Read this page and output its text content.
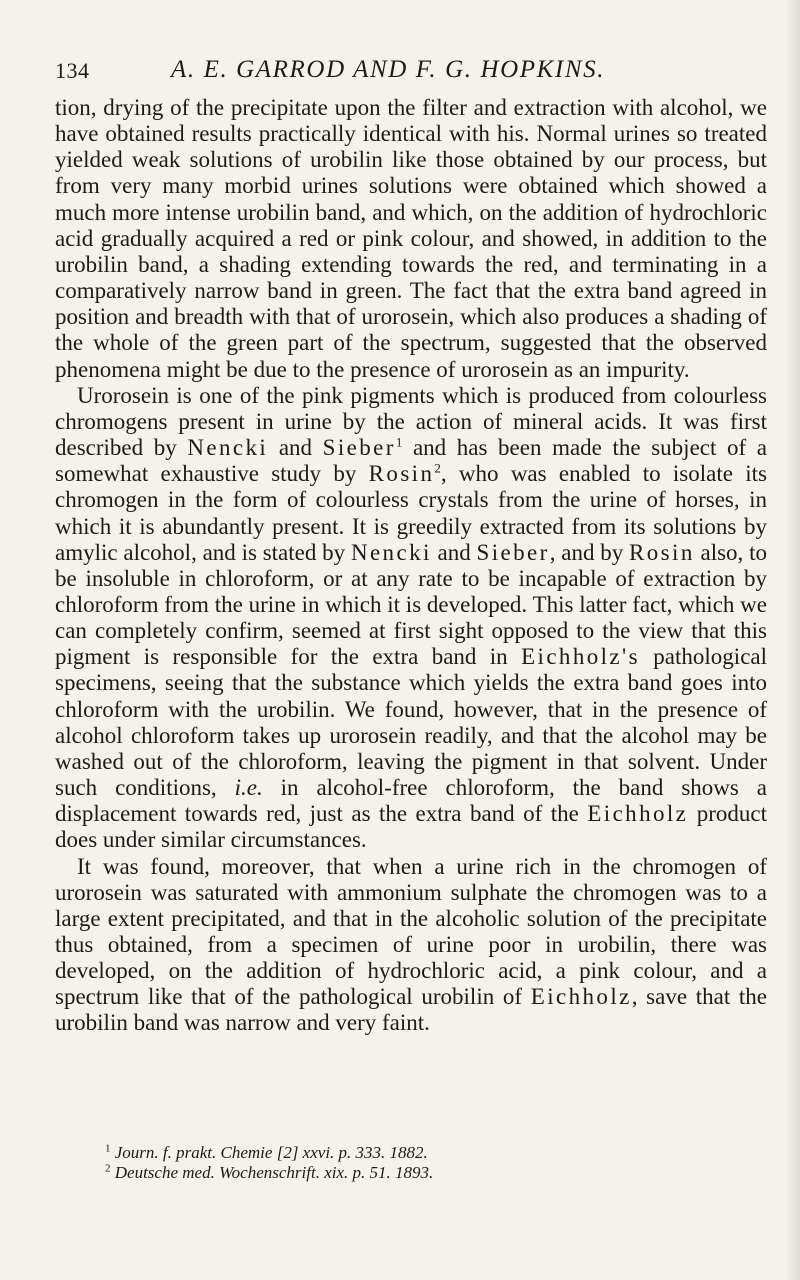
134	A. E. GARROD AND F. G. HOPKINS.

tion, drying of the precipitate upon the filter and extraction with alcohol, we have obtained results practically identical with his. Normal urines so treated yielded weak solutions of urobilin like those obtained by our process, but from very many morbid urines solutions were obtained which showed a much more intense urobilin band, and which, on the addition of hydrochloric acid gradually acquired a red or pink colour, and showed, in addition to the urobilin band, a shading extending towards the red, and terminating in a comparatively narrow band in green. The fact that the extra band agreed in position and breadth with that of urorosein, which also produces a shading of the whole of the green part of the spectrum, suggested that the observed phenomena might be due to the presence of urorosein as an impurity.

Urorosein is one of the pink pigments which is produced from colourless chromogens present in urine by the action of mineral acids. It was first described by Nencki and Sieber$^1$ and has been made the subject of a somewhat exhaustive study by Rosin$^2$, who was enabled to isolate its chromogen in the form of colourless crystals from the urine of horses, in which it is abundantly present. It is greedily extracted from its solutions by amylic alcohol, and is stated by Nencki and Sieber, and by Rosin also, to be insoluble in chloroform, or at any rate to be incapable of extraction by chloroform from the urine in which it is developed. This latter fact, which we can completely confirm, seemed at first sight opposed to the view that this pigment is responsible for the extra band in Eichholz's pathological specimens, seeing that the substance which yields the extra band goes into chloroform with the urobilin. We found, however, that in the presence of alcohol chloroform takes up urorosein readily, and that the alcohol may be washed out of the chloroform, leaving the pigment in that solvent. Under such conditions, i.e. in alcohol-free chloroform, the band shows a displacement towards red, just as the extra band of the Eichholz product does under similar circumstances.

It was found, moreover, that when a urine rich in the chromogen of urorosein was saturated with ammonium sulphate the chromogen was to a large extent precipitated, and that in the alcoholic solution of the precipitate thus obtained, from a specimen of urine poor in urobilin, there was developed, on the addition of hydrochloric acid, a pink colour, and a spectrum like that of the pathological urobilin of Eichholz, save that the urobilin band was narrow and very faint.

$^1$ Journ. f. prakt. Chemie [2] xxvi. p. 333. 1882.

$^2$ Deutsche med. Wochenschrift. xix. p. 51. 1893.
